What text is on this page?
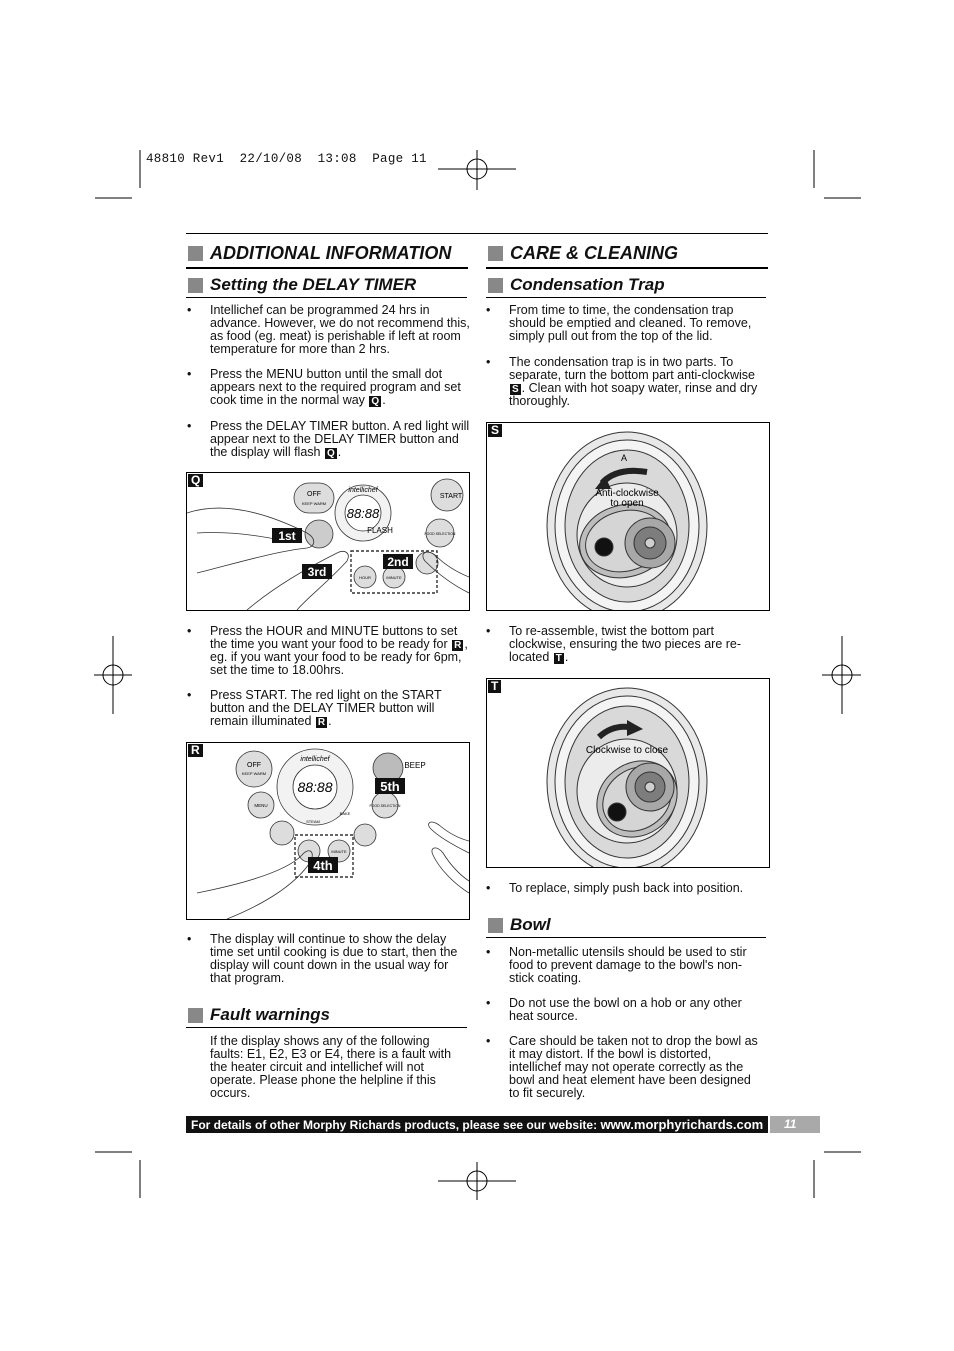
48810 Rev1  22/10/08  13:08  Page 11
ADDITIONAL INFORMATION
Setting the DELAY TIMER
• Intellichef can be programmed 24 hrs in advance. However, we do not recommend this, as food (eg. meat) is perishable if left at room temperature for more than 2 hrs.
• Press the MENU button until the small dot appears next to the required program and set cook time in the normal way Q .
• Press the DELAY TIMER button. A red light will appear next to the DELAY TIMER button and the display will flash Q .
Q
intellichef
OFF
KEEP WARM
START
88:88
FLASH
HOUR	MINUTE
FOOD SELECTION
1st
2nd
3rd
• Press the HOUR and MINUTE buttons to set the time you want your food to be ready for R , eg. if you want your food to be ready for 6pm, set the time to 18.00hrs.
• Press START. The red light on the START button and the DELAY TIMER button will remain illuminated R .
R
intellichef
OFF
KEEP WARM
MENU
88:88
BEEP
FOOD SELECTION
STEAM
BAKE
MINUTE
5th
4th
• The display will continue to show the delay time set until cooking is due to start, then the display will count down in the usual way for that program.
Fault warnings
If the display shows any of the following faults: E1, E2, E3 or E4, there is a fault with the heater circuit and intellichef will not operate. Please phone the helpline if this occurs.
CARE & CLEANING
Condensation Trap
• From time to time, the condensation trap should be emptied and cleaned. To remove, simply pull out from the top of the lid.
• The condensation trap is in two parts. To separate, turn the bottom part anti-clockwise S . Clean with hot soapy water, rinse and dry thoroughly.
S
A
Anti-clockwise
to open
• To re-assemble, twist the bottom part clockwise, ensuring the two pieces are re-located T .
T
Clockwise to close
• To replace, simply push back into position.
Bowl
• Non-metallic utensils should be used to stir food to prevent damage to the bowl's non-stick coating.
• Do not use the bowl on a hob or any other heat source.
• Care should be taken not to drop the bowl as it may distort. If the bowl is distorted, intellichef may not operate correctly as the bowl and heat element have been designed to fit securely.
For details of other Morphy Richards products, please see our website: www.morphyrichards.com	11
